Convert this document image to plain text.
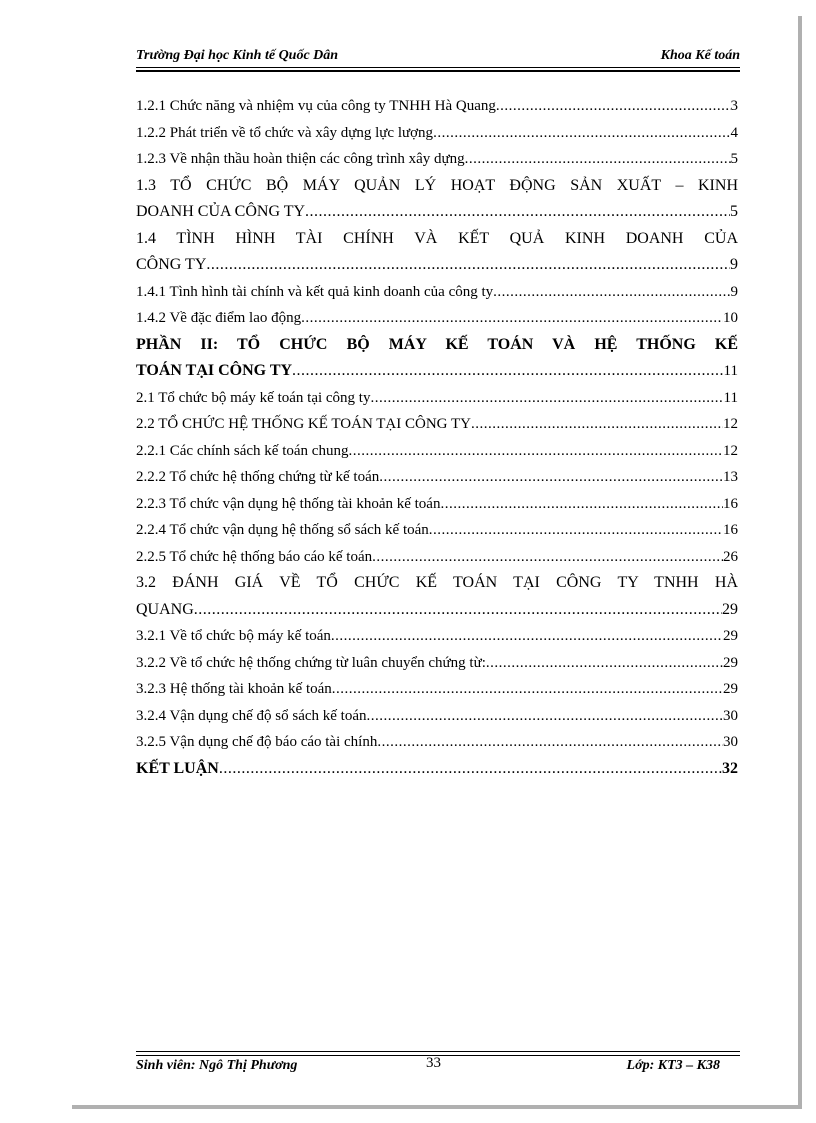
Trường Đại học Kinh tế Quốc Dân	Khoa Kế toán
1.2.1 Chức năng và nhiệm vụ của công ty TNHH Hà Quang .....	3
1.2.2 Phát triển về tổ chức và xây dựng lực lượng .....	4
1.2.3 Về nhận thầu hoàn thiện các công trình xây dựng .....	5
1.3 TỔ CHỨC BỘ MÁY QUẢN LÝ HOẠT ĐỘNG SẢN XUẤT – KINH
DOANH CỦA CÔNG TY .....	5
1.4 TÌNH HÌNH TÀI CHÍNH VÀ KẾT QUẢ KINH DOANH CỦA
CÔNG TY .....	9
1.4.1 Tình hình tài chính và kết quả kinh doanh của công ty .....	9
1.4.2 Về đặc điểm lao động .....	10
PHẦN II: TỔ CHỨC BỘ MÁY KẾ TOÁN VÀ HỆ THỐNG KẾ
TOÁN TẠI CÔNG TY .....	11
2.1 Tổ chức bộ máy kế toán tại công ty .....	11
2.2 TỔ CHỨC HỆ THỐNG KẾ TOÁN TẠI CÔNG TY .....	12
2.2.1 Các chính sách kế toán chung .....	12
2.2.2 Tổ chức hệ thống chứng từ kế toán .....	13
2.2.3 Tổ chức vận dụng hệ thống tài khoản kế toán .....	16
2.2.4 Tổ chức vận dụng hệ thống sổ sách kế toán .....	16
2.2.5 Tổ chức hệ thống báo cáo kế toán .....	26
3.2 ĐÁNH GIÁ VỀ TỔ CHỨC KẾ TOÁN TẠI CÔNG TY TNHH HÀ
QUANG .....	29
3.2.1 Về tổ chức bộ máy kế toán .....	29
3.2.2 Về tổ chức hệ thống chứng từ luân chuyển chứng từ: .....	29
3.2.3 Hệ thống tài khoản kế toán .....	29
3.2.4 Vận dụng chế độ sổ sách kế toán .....	30
3.2.5 Vận dụng chế độ báo cáo tài chính .....	30
KẾT LUẬN .....	32
Sinh viên: Ngô Thị Phương	33	Lớp: KT3 – K38
